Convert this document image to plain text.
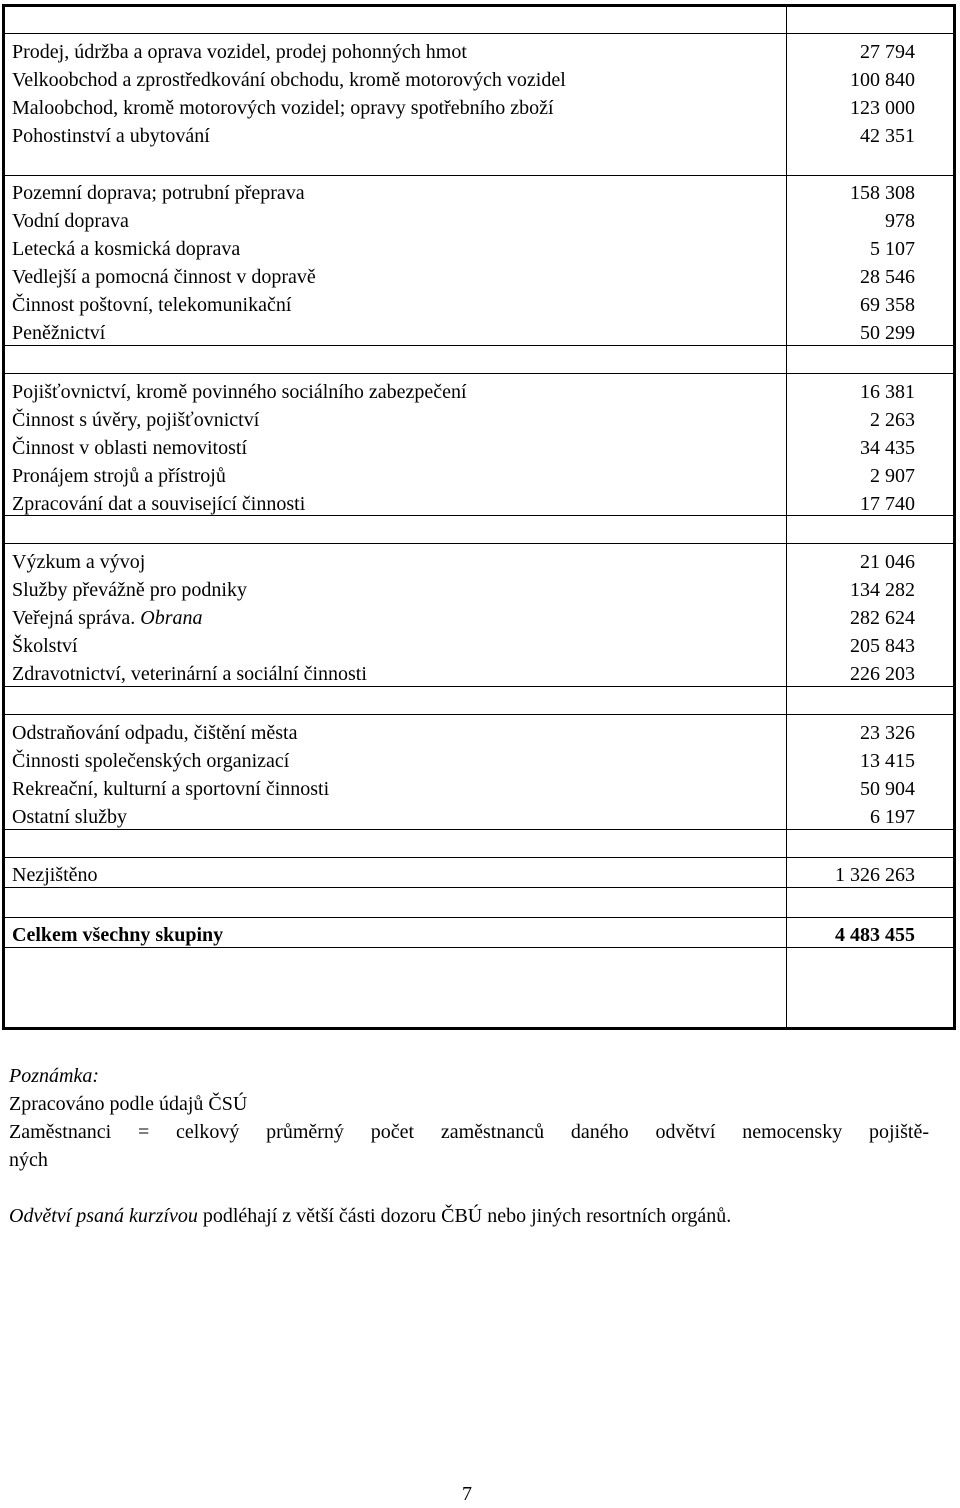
Prodej, údržba a oprava vozidel, prodej pohonných hmot	27 794
Velkoobchod a zprostředkování obchodu, kromě motorových vozidel	100 840
Maloobchod, kromě motorových vozidel; opravy spotřebního zboží	123 000
Pohostinství a ubytování	42 351
Pozemní doprava; potrubní přeprava	158 308
Vodní doprava	978
Letecká a kosmická doprava	5 107
Vedlejší a pomocná činnost v dopravě	28 546
Činnost poštovní, telekomunikační	69 358
Peněžnictví	50 299
Pojišťovnictví, kromě povinného sociálního zabezpečení	16 381
Činnost s úvěry, pojišťovnictví	2 263
Činnost v oblasti nemovitostí	34 435
Pronájem strojů a přístrojů	2 907
Zpracování dat a související činnosti	17 740
Výzkum a vývoj	21 046
Služby převážně pro podniky	134 282
Veřejná správa. Obrana	282 624
Školství	205 843
Zdravotnictví, veterinární a sociální činnosti	226 203
Odstraňování odpadu, čištění města	23 326
Činnosti společenských organizací	13 415
Rekreační, kulturní a sportovní činnosti	50 904
Ostatní služby	6 197
Nezjištěno	1 326 263
Celkem všechny skupiny	4 483 455
Poznámka:
Zpracováno podle údajů ČSÚ
Zaměstnanci = celkový průměrný počet zaměstnanců daného odvětví nemocensky pojiště-
ných
Odvětví psaná kurzívou podléhají z větší části dozoru ČBÚ nebo jiných resortních orgánů.
7
